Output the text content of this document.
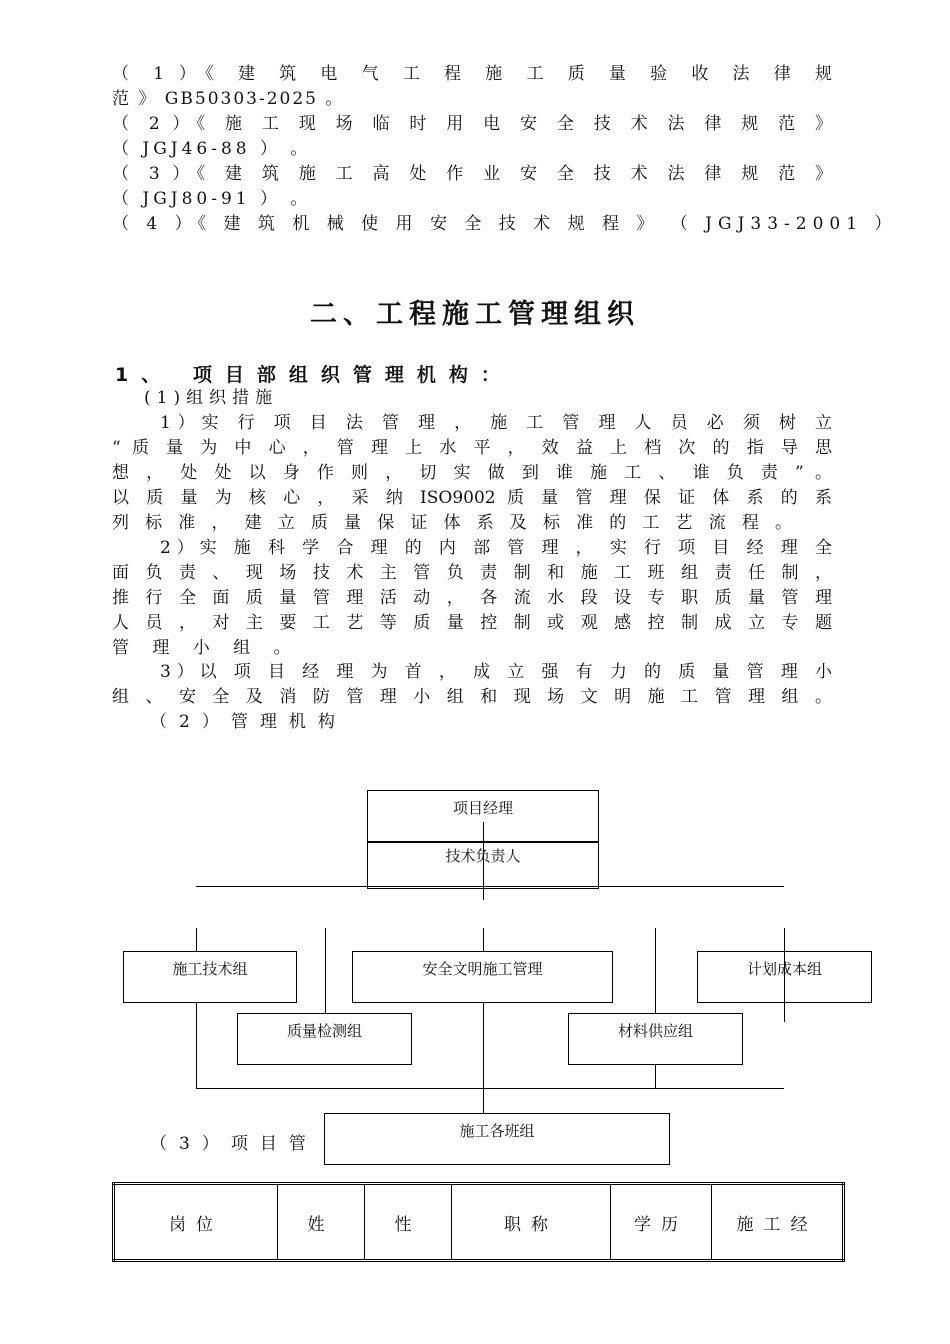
（ 1 ）《 建 筑 电 气 工 程 施 工 质 量 验 收 法 律 规
范 》 GB50303-2025 。
（ 2 ）《 施 工 现 场 临 时 用 电 安 全 技 术 法 律 规 范 》
（ JGJ46-88 ） 。
（ 3 ）《 建 筑 施 工 高 处 作 业 安 全 技 术 法 律 规 范 》
（ JGJ80-91 ） 。
（ 4 ）《 建 筑 机 械 使 用 安 全 技 术 规 程 》 （ JGJ33-2001 ）
二、工程施工管理组织
1、 项目部组织管理机构：
(1)组织措施
1）实 行 项 目 法 管 理 ， 施 工 管 理 人 员 必 须 树 立
“ 质 量 为 中 心 ， 管 理 上 水 平 ， 效 益 上 档 次 的 指 导 思
想 ， 处 处 以 身 作 则 ， 切 实 做 到 谁 施 工 、 谁 负 责 ” 。
以 质 量 为 核 心 ， 采 纳 ISO9002 质 量 管 理 保 证 体 系 的 系
列 标 准 ， 建 立 质 量 保 证 体 系 及 标 准 的 工 艺 流 程 。
2）实 施 科 学 合 理 的 内 部 管 理 ， 实 行 项 目 经 理 全
面 负 责 、 现 场 技 术 主 管 负 责 制 和 施 工 班 组 责 任 制 ，
推 行 全 面 质 量 管 理 活 动 ， 各 流 水 段 设 专 职 质 量 管 理
人 员 ， 对 主 要 工 艺 等 质 量 控 制 或 观 感 控 制 成 立 专 题
管 理 小 组 。
3）以 项 目 经 理 为 首 ， 成 立 强 有 力 的 质 量 管 理 小
组 、 安 全 及 消 防 管 理 小 组 和 现 场 文 明 施 工 管 理 组 。
（2）管理机构
项目经理
技术负责人
施工技术组	安全文明施工管理	计划成本组
质量检测组	材料供应组
施工各班组
（3）项目管
岗位	姓	性	职称	学历	施工经
